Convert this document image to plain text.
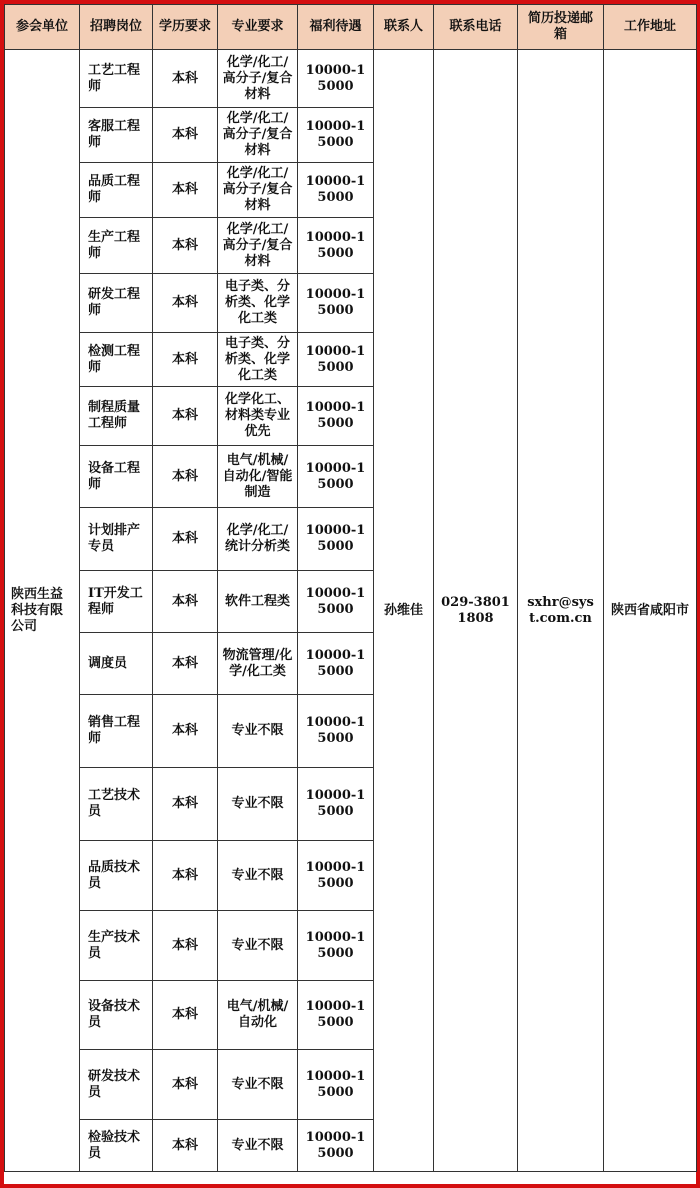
参会单位	招聘岗位	学历要求	专业要求	福利待遇	联系人	联系电话	简历投递邮箱	工作地址
陕西生益科技有限公司	工艺工程师	本科	化学/化工/高分子/复合材料	10000-15000	孙维佳	029-38011808	sxhr@syst.com.cn	陕西省咸阳市
	客服工程师	本科	化学/化工/高分子/复合材料	10000-15000				
	品质工程师	本科	化学/化工/高分子/复合材料	10000-15000				
	生产工程师	本科	化学/化工/高分子/复合材料	10000-15000				
	研发工程师	本科	电子类、分析类、化学化工类	10000-15000				
	检测工程师	本科	电子类、分析类、化学化工类	10000-15000				
	制程质量工程师	本科	化学化工、材料类专业优先	10000-15000				
	设备工程师	本科	电气/机械/自动化/智能制造	10000-15000				
	计划排产专员	本科	化学/化工/统计分析类	10000-15000				
	IT开发工程师	本科	软件工程类	10000-15000				
	调度员	本科	物流管理/化学/化工类	10000-15000				
	销售工程师	本科	专业不限	10000-15000				
	工艺技术员	本科	专业不限	10000-15000				
	品质技术员	本科	专业不限	10000-15000				
	生产技术员	本科	专业不限	10000-15000				
	设备技术员	本科	电气/机械/自动化	10000-15000				
	研发技术员	本科	专业不限	10000-15000				
	检验技术员	本科	专业不限	10000-15000				
